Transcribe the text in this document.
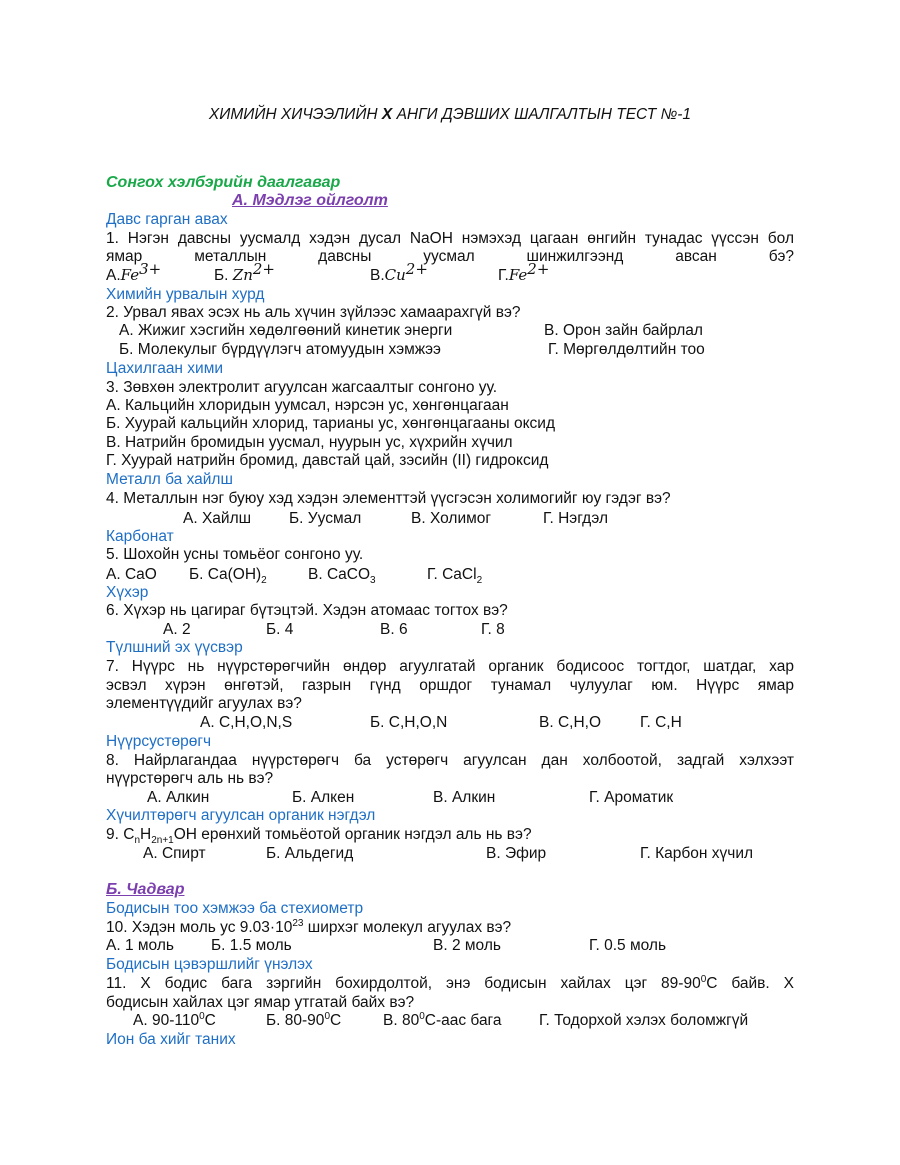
ХИМИЙН ХИЧЭЭЛИЙН X АНГИ ДЭВШИХ ШАЛГАЛТЫН ТЕСТ №-1
Сонгох хэлбэрийн даалгавар
А. Мэдлэг ойлголт
Давс гарган авах
1. Нэгэн давсны уусмалд хэдэн дусал NaOH нэмэхэд цагаан өнгийн тунадас үүссэн бол
ямар металлын давсны уусмал шинжилгээнд авсан бэ?
$А.Fe^{3+}$	Б. $Zn^{2+}$	$В.Cu^{2+}$	$Г.Fe^{2+}$
Химийн урвалын хурд
2. Урвал явах эсэх нь аль хүчин зүйлээс хамаарахгүй вэ?
А. Жижиг хэсгийн хөдөлгөөний кинетик энерги	В. Орон зайн байрлал
Б. Молекулыг бүрдүүлэгч атомуудын хэмжээ	Г. Мөргөлдөлтийн тоо
Цахилгаан хими
3. Зөвхөн электролит агуулсан жагсаалтыг сонгоно уу.
А. Кальцийн хлоридын уумсал, нэрсэн ус, хөнгөнцагаан
Б. Хуурай кальцийн хлорид, тарианы ус, хөнгөнцагааны оксид
В. Натрийн бромидын уусмал, нуурын ус, хүхрийн хүчил
Г. Хуурай натрийн бромид, давстай цай, зэсийн (II) гидроксид
Металл ба хайлш
4. Металлын нэг буюу хэд хэдэн элементтэй үүсгэсэн холимогийг юу гэдэг вэ?
А. Хайлш Б. Уусмал	В. Холимог	Г. Нэгдэл
Карбонат
5. Шохойн усны томьёог сонгоно уу.
А. CaO Б. $Ca(OH)_2$	В. CaCO$_3$	Г. CaCl$_2$
Хүхэр
6. Хүхэр нь цагираг бүтэцтэй. Хэдэн атомаас тогтох вэ?
А. 2	Б. 4	В. 6	Г. 8
Түлшний эх үүсвэр
7. Нүүрс нь нүүрстөрөгчийн өндөр агуулгатай органик бодисоос тогтдог, шатдаг, хар
эсвэл хүрэн өнгөтэй, газрын гүнд оршдог тунамал чулуулаг юм. Нүүрс ямар
элементүүдийг агуулах вэ?
А. C,H,O,N,S	Б. C,H,O,N	В. C,H,O	Г. C,H
Нүүрсустөрөгч
8. Найрлагандаа нүүрстөрөгч ба устөрөгч агуулсан дан холбоотой, задгай хэлхээт
нүүрстөрөгч аль нь вэ?
А. Алкин	Б. Алкен	В. Алкин	Г. Ароматик
Хүчилтөрөгч агуулсан органик нэгдэл
9. $C_nH_{2n+1}OH$ ерөнхий томьёотой органик нэгдэл аль нь вэ?
А. Спирт	Б. Альдегид	В. Эфир	Г. Карбон хүчил
Б. Чадвар
Бодисын тоо хэмжээ ба стехиометр
10. Хэдэн моль ус $9.03\cdot 10^{23}$ ширхэг молекул агуулах вэ?
А. 1 моль Б. 1.5 моль	В. 2 моль	Г. 0.5 моль
Бодисын цэвэршлийг үнэлэх
11. X бодис бага зэргийн бохирдолтой, энэ бодисын хайлах цэг $89-90^0C$ байв. X
бодисын хайлах цэг ямар утгатай байх вэ?
А. $90-110^0C$	Б. $80-90^0C$	В. $80^0C$-аас бага Г. Тодорхой хэлэх боломжгүй
Ион ба хийг таних
